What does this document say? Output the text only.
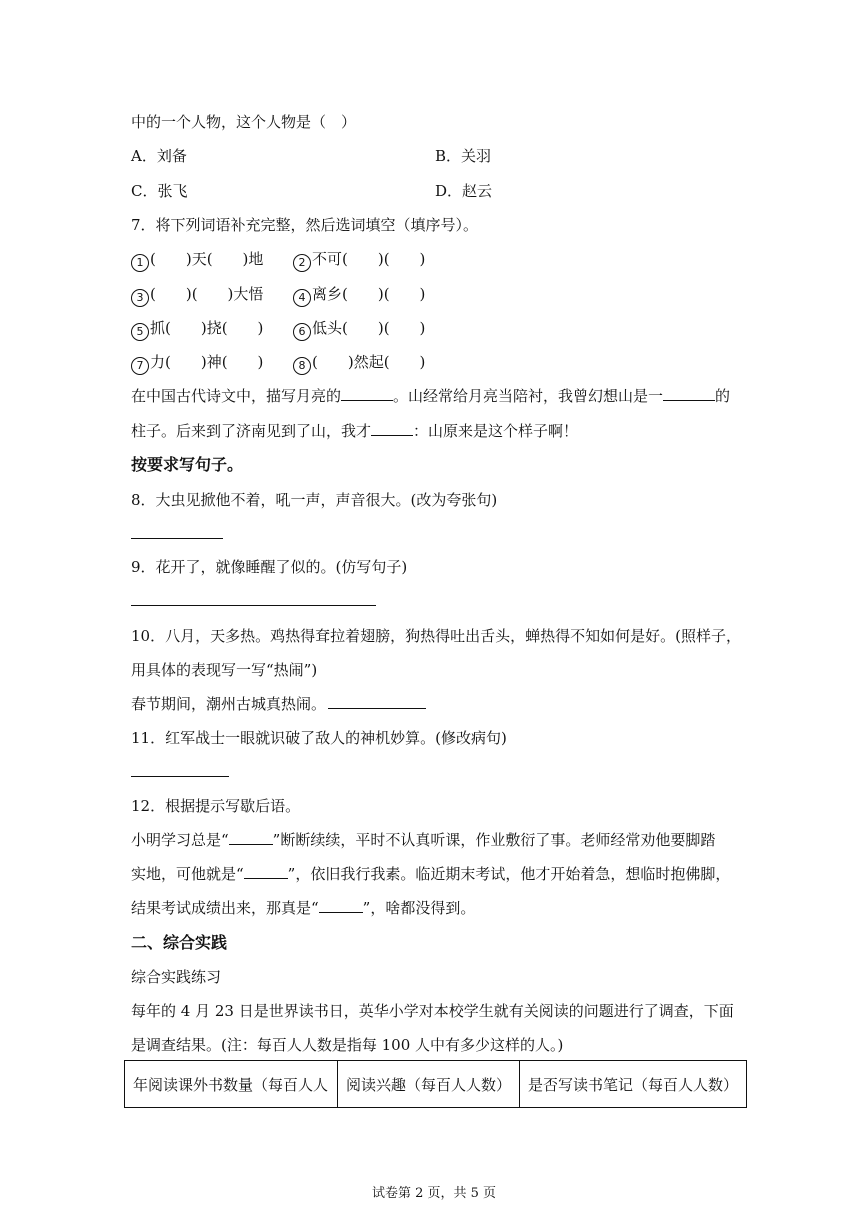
中的一个人物，这个人物是（　）
A．刘备	B．关羽
C．张飞	D．赵云
7．将下列词语补充完整，然后选词填空（填序号）。
1 (　　)天(　　)地	2 不可(　　)(　　)
3 (　　)(　　)大悟	4 离乡(　　)(　　)
5 抓(　　)挠(　　)	6 低头(　　)(　　)
7 力(　　)神(　　)	8 (　　)然起(　　)
在中国古代诗文中，描写月亮的	。山经常给月亮当陪衬，我曾幻想山是一	的
柱子。后来到了济南见到了山，我才	：山原来是这个样子啊！
按要求写句子。
8．大虫见掀他不着，吼一声，声音很大。(改为夸张句)
9．花开了，就像睡醒了似的。(仿写句子)
10．八月，天多热。鸡热得耷拉着翅膀，狗热得吐出舌头，蝉热得不知如何是好。(照样子，
用具体的表现写一写“热闹”)
春节期间，潮州古城真热闹。
11．红军战士一眼就识破了敌人的神机妙算。(修改病句)
12．根据提示写歇后语。
小明学习总是“	”断断续续，平时不认真听课，作业敷衍了事。老师经常劝他要脚踏
实地，可他就是“	”，依旧我行我素。临近期末考试，他才开始着急，想临时抱佛脚，
结果考试成绩出来，那真是“	”，啥都没得到。
二、综合实践
综合实践练习
每年的 4 月 23 日是世界读书日，英华小学对本校学生就有关阅读的问题进行了调查，下面
是调查结果。(注：每百人人数是指每 100 人中有多少这样的人。)
年阅读课外书数量（每百人人	阅读兴趣（每百人人数）	是否写读书笔记（每百人人数）
试卷第 2 页，共 5 页
